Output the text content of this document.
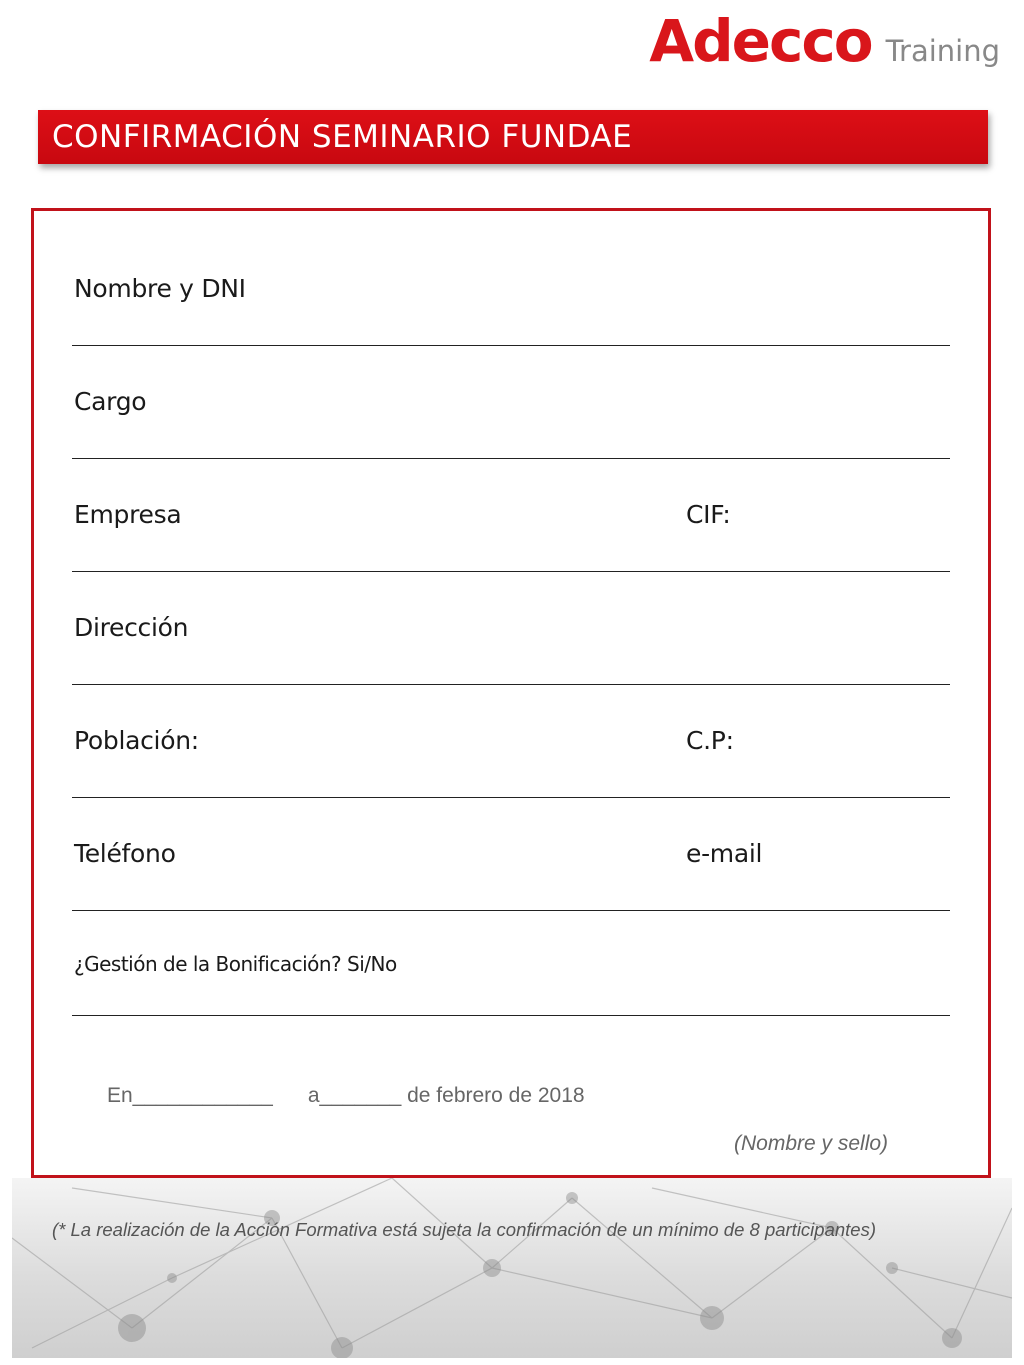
Adecco Training
CONFIRMACIÓN SEMINARIO FUNDAE
Nombre y DNI
Cargo
Empresa	CIF:
Dirección
Población:	C.P:
Teléfono	e-mail
¿Gestión de la Bonificación? Si/No
En____________      a_______ de febrero de 2018
(Nombre y sello)
(* La realización de la Acción Formativa está sujeta la confirmación de un mínimo de 8 participantes)
